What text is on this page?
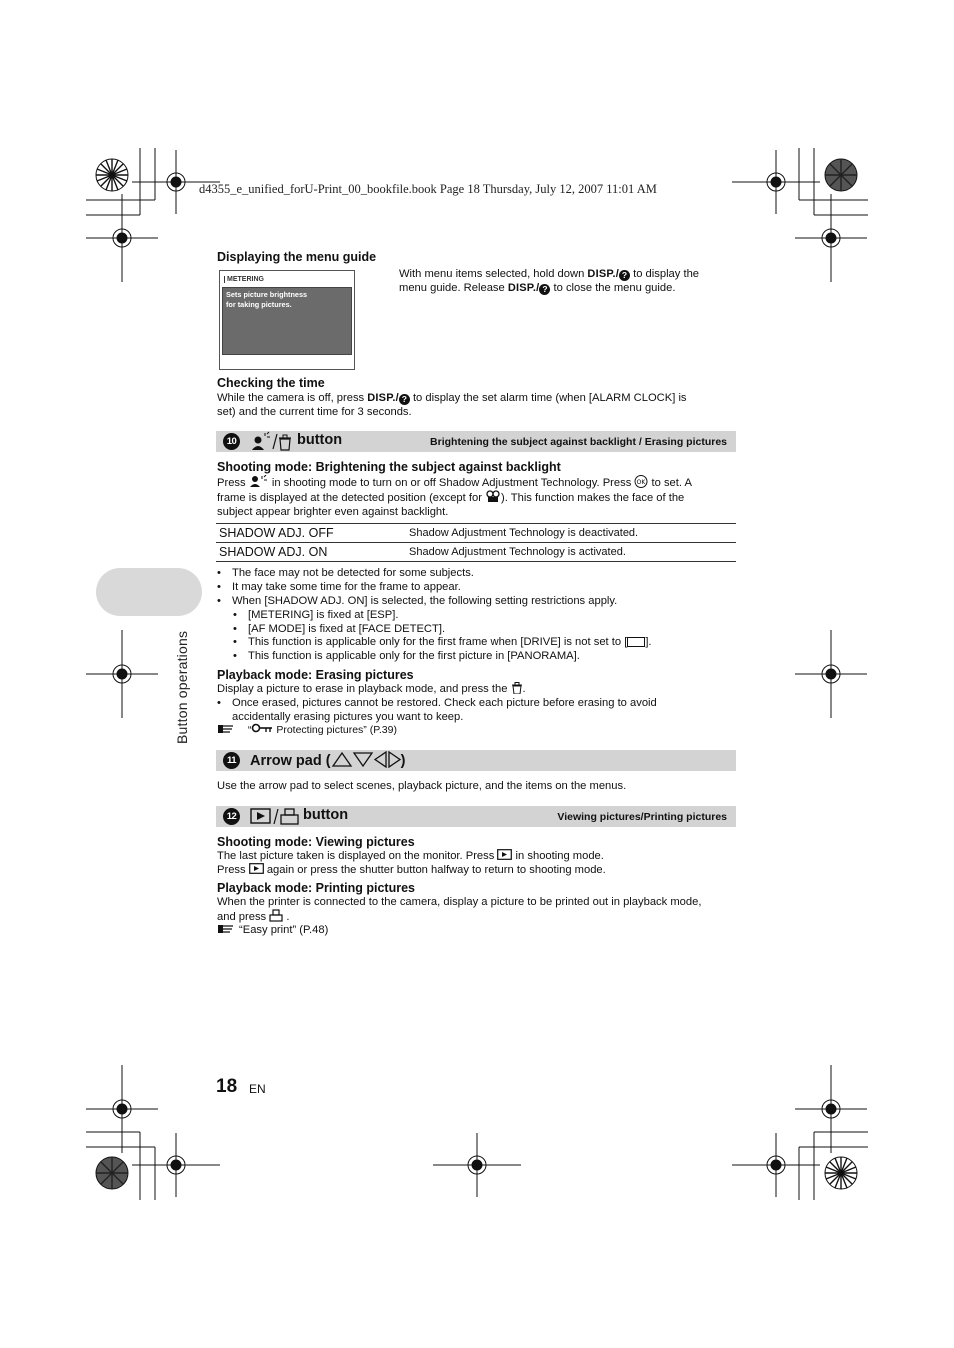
d4355_e_unified_forU-Print_00_bookfile.book Page 18 Thursday, July 12, 2007 11:01 AM
Button operations
Displaying the menu guide
METERING
Sets picture brightness
for taking pictures.
With menu items selected, hold down DISP./ ? to display the
menu guide. Release DISP./ ? to close the menu guide.
Checking the time
While the camera is off, press DISP./ ? to display the set alarm time (when [ALARM CLOCK] is
set) and the current time for 3 seconds.
10	button	Brightening the subject against backlight / Erasing pictures
Shooting mode: Brightening the subject against backlight
Press  in shooting mode to turn on or off Shadow Adjustment Technology. Press OK to set. A
frame is displayed at the detected position (except for ). This function makes the face of the
subject appear brighter even against backlight.
SHADOW ADJ. OFF	Shadow Adjustment Technology is deactivated.
SHADOW ADJ. ON	Shadow Adjustment Technology is activated.
• The face may not be detected for some subjects.
• It may take some time for the frame to appear.
• When [SHADOW ADJ. ON] is selected, the following setting restrictions apply.
• [METERING] is fixed at [ESP].
• [AF MODE] is fixed at [FACE DETECT].
• This function is applicable only for the first frame when [DRIVE] is not set to [ ].
• This function is applicable only for the first picture in [PANORAMA].
Playback mode: Erasing pictures
Display a picture to erase in playback mode, and press the .
• Once erased, pictures cannot be restored. Check each picture before erasing to avoid
accidentally erasing pictures you want to keep.
“ Protecting pictures” (P.39)
11 Arrow pad (	)
Use the arrow pad to select scenes, playback picture, and the items on the menus.
12	button	Viewing pictures/Printing pictures
Shooting mode: Viewing pictures
The last picture taken is displayed on the monitor. Press  in shooting mode.
Press  again or press the shutter button halfway to return to shooting mode.
Playback mode: Printing pictures
When the printer is connected to the camera, display a picture to be printed out in playback mode,
and press  .
“Easy print” (P.48)
18 EN
